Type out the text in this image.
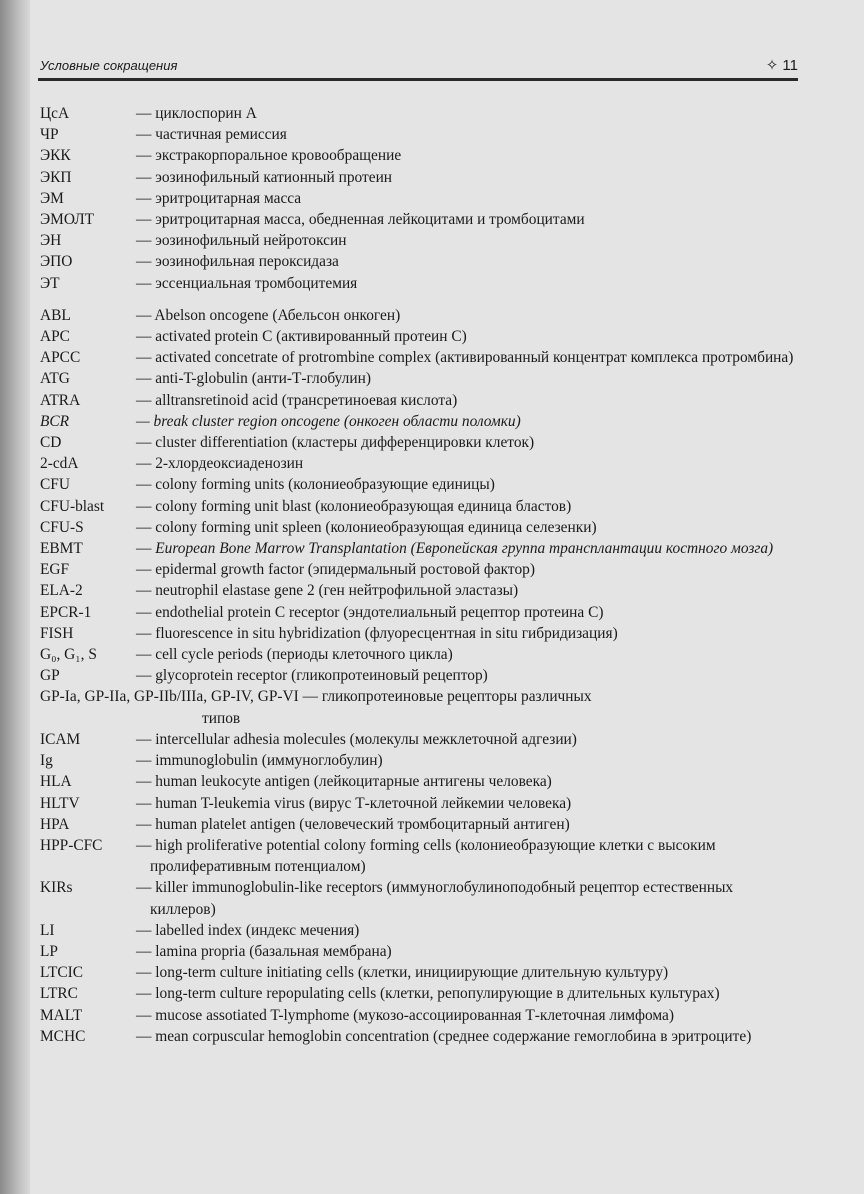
Условные сокращения	✧ 11
ЦсА	— циклоспорин А
ЧР	— частичная ремиссия
ЭКК	— экстракорпоральное кровообращение
ЭКП	— эозинофильный катионный протеин
ЭМ	— эритроцитарная масса
ЭМОЛТ	— эритроцитарная масса, обедненная лейкоцитами и тромбоцитами
ЭН	— эозинофильный нейротоксин
ЭПО	— эозинофильная пероксидаза
ЭТ	— эссенциальная тромбоцитемия
ABL	— Abelson oncogene (Абельсон онкоген)
APC	— activated protein C (активированный протеин С)
APCC	— activated concetrate of protrombine complex (активированный концентрат комплекса протромбина)
ATG	— anti-T-globulin (анти-Т-глобулин)
ATRA	— alltransretinoid acid (трансретиноевая кислота)
BCR	— break cluster region oncogene (онкоген области поломки)
CD	— cluster differentiation (кластеры дифференцировки клеток)
2-cdA	— 2-хлордеоксиаденозин
CFU	— colony forming units (колониеобразующие единицы)
CFU-blast	— colony forming unit blast (колониеобразующая единица бластов)
CFU-S	— colony forming unit spleen (колониеобразующая единица селезенки)
EBMT	— European Bone Marrow Transplantation (Европейская группа трансплантации костного мозга)
EGF	— epidermal growth factor (эпидермальный ростовой фактор)
ELA-2	— neutrophil elastase gene 2 (ген нейтрофильной эластазы)
EPCR-1	— endothelial protein C receptor (эндотелиальный рецептор протеина С)
FISH	— fluorescence in situ hybridization (флуоресцентная in situ гибридизация)
G₀, G₁, S	— cell cycle periods (периоды клеточного цикла)
GP	— glycoprotein receptor (гликопротеиновый рецептор)
GP-Ia, GP-IIa, GP-IIb/IIIa, GP-IV, GP-VI — гликопротеиновые рецепторы различных
типов
ICAM	— intercellular adhesia molecules (молекулы межклеточной адгезии)
Ig	— immunoglobulin (иммуноглобулин)
HLA	— human leukocyte antigen (лейкоцитарные антигены человека)
HLTV	— human T-leukemia virus (вирус Т-клеточной лейкемии человека)
HPA	— human platelet antigen (человеческий тромбоцитарный антиген)
HPP-CFC	— high proliferative potential colony forming cells (колониеобразующие клетки с высоким пролиферативным потенциалом)
KIRs	— killer immunoglobulin-like receptors (иммуноглобулиноподобный рецептор естественных киллеров)
LI	— labelled index (индекс мечения)
LP	— lamina propria (базальная мембрана)
LTCIC	— long-term culture initiating cells (клетки, инициирующие длительную культуру)
LTRC	— long-term culture repopulating cells (клетки, репопулирующие в длительных культурах)
MALT	— mucose assotiated T-lymphome (мукозо-ассоциированная Т-клеточная лимфома)
MCHC	— mean corpuscular hemoglobin concentration (среднее содержание гемоглобина в эритроците)
